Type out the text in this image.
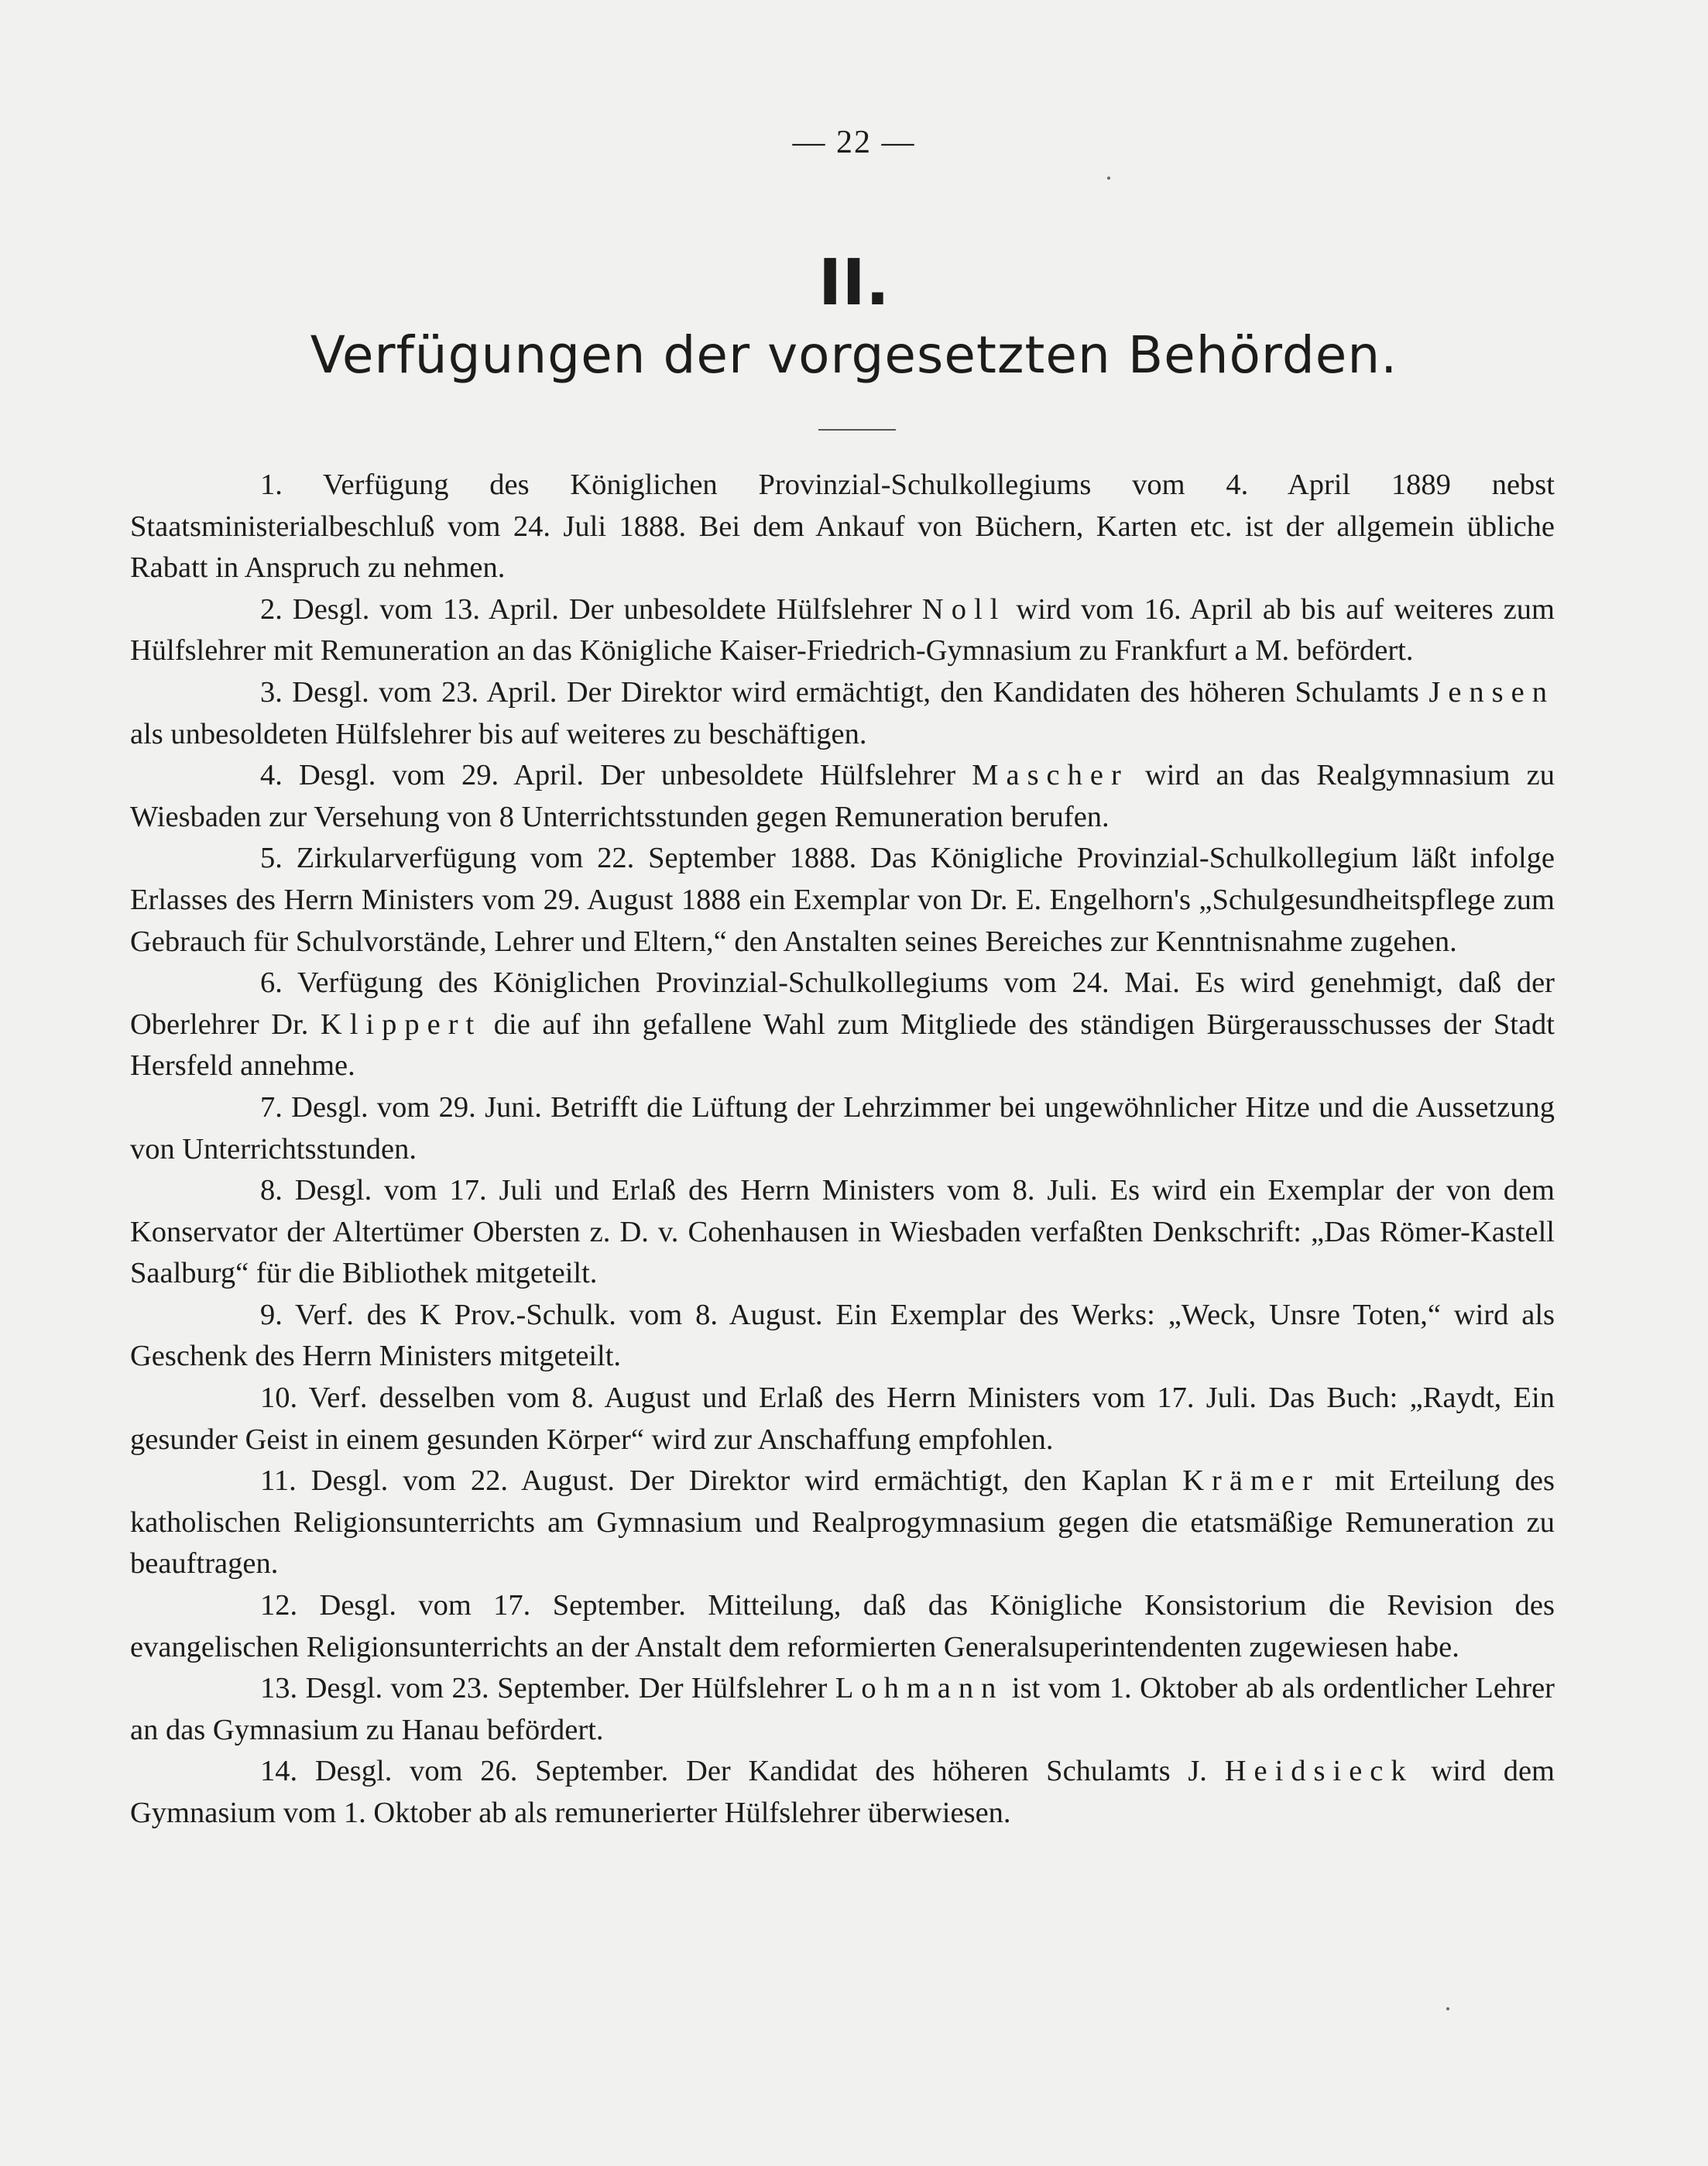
— 22 —
II.
Verfügungen der vorgesetzten Behörden.

1. Verfügung des Königlichen Provinzial-Schulkollegiums vom 4. April 1889 nebst Staatsministerialbeschluß vom 24. Juli 1888. Bei dem Ankauf von Büchern, Karten etc. ist der allgemein übliche Rabatt in Anspruch zu nehmen.

2. Desgl. vom 13. April. Der unbesoldete Hülfslehrer Noll wird vom 16. April ab bis auf weiteres zum Hülfslehrer mit Remuneration an das Königliche Kaiser-Friedrich-Gymnasium zu Frankfurt a M. befördert.

3. Desgl. vom 23. April. Der Direktor wird ermächtigt, den Kandidaten des höheren Schulamts Jensen als unbesoldeten Hülfslehrer bis auf weiteres zu beschäftigen.

4. Desgl. vom 29. April. Der unbesoldete Hülfslehrer Mascher wird an das Realgymnasium zu Wiesbaden zur Versehung von 8 Unterrichtsstunden gegen Remuneration berufen.

5. Zirkularverfügung vom 22. September 1888. Das Königliche Provinzial-Schulkollegium läßt infolge Erlasses des Herrn Ministers vom 29. August 1888 ein Exemplar von Dr. E. Engelhorn's „Schulgesundheitspflege zum Gebrauch für Schulvorstände, Lehrer und Eltern,“ den Anstalten seines Bereiches zur Kenntnisnahme zugehen.

6. Verfügung des Königlichen Provinzial-Schulkollegiums vom 24. Mai. Es wird genehmigt, daß der Oberlehrer Dr. Klippert die auf ihn gefallene Wahl zum Mitgliede des ständigen Bürgerausschusses der Stadt Hersfeld annehme.

7. Desgl. vom 29. Juni. Betrifft die Lüftung der Lehrzimmer bei ungewöhnlicher Hitze und die Aussetzung von Unterrichtsstunden.

8. Desgl. vom 17. Juli und Erlaß des Herrn Ministers vom 8. Juli. Es wird ein Exemplar der von dem Konservator der Altertümer Obersten z. D. v. Cohenhausen in Wiesbaden verfaßten Denkschrift: „Das Römer-Kastell Saalburg“ für die Bibliothek mitgeteilt.

9. Verf. des K Prov.-Schulk. vom 8. August. Ein Exemplar des Werks: „Weck, Unsre Toten,“ wird als Geschenk des Herrn Ministers mitgeteilt.

10. Verf. desselben vom 8. August und Erlaß des Herrn Ministers vom 17. Juli. Das Buch: „Raydt, Ein gesunder Geist in einem gesunden Körper“ wird zur Anschaffung empfohlen.

11. Desgl. vom 22. August. Der Direktor wird ermächtigt, den Kaplan Krämer mit Erteilung des katholischen Religionsunterrichts am Gymnasium und Realprogymnasium gegen die etatsmäßige Remuneration zu beauftragen.

12. Desgl. vom 17. September. Mitteilung, daß das Königliche Konsistorium die Revision des evangelischen Religionsunterrichts an der Anstalt dem reformierten Generalsuperintendenten zugewiesen habe.

13. Desgl. vom 23. September. Der Hülfslehrer Lohmann ist vom 1. Oktober ab als ordentlicher Lehrer an das Gymnasium zu Hanau befördert.

14. Desgl. vom 26. September. Der Kandidat des höheren Schulamts J. Heidsieck wird dem Gymnasium vom 1. Oktober ab als remunerierter Hülfslehrer überwiesen.
